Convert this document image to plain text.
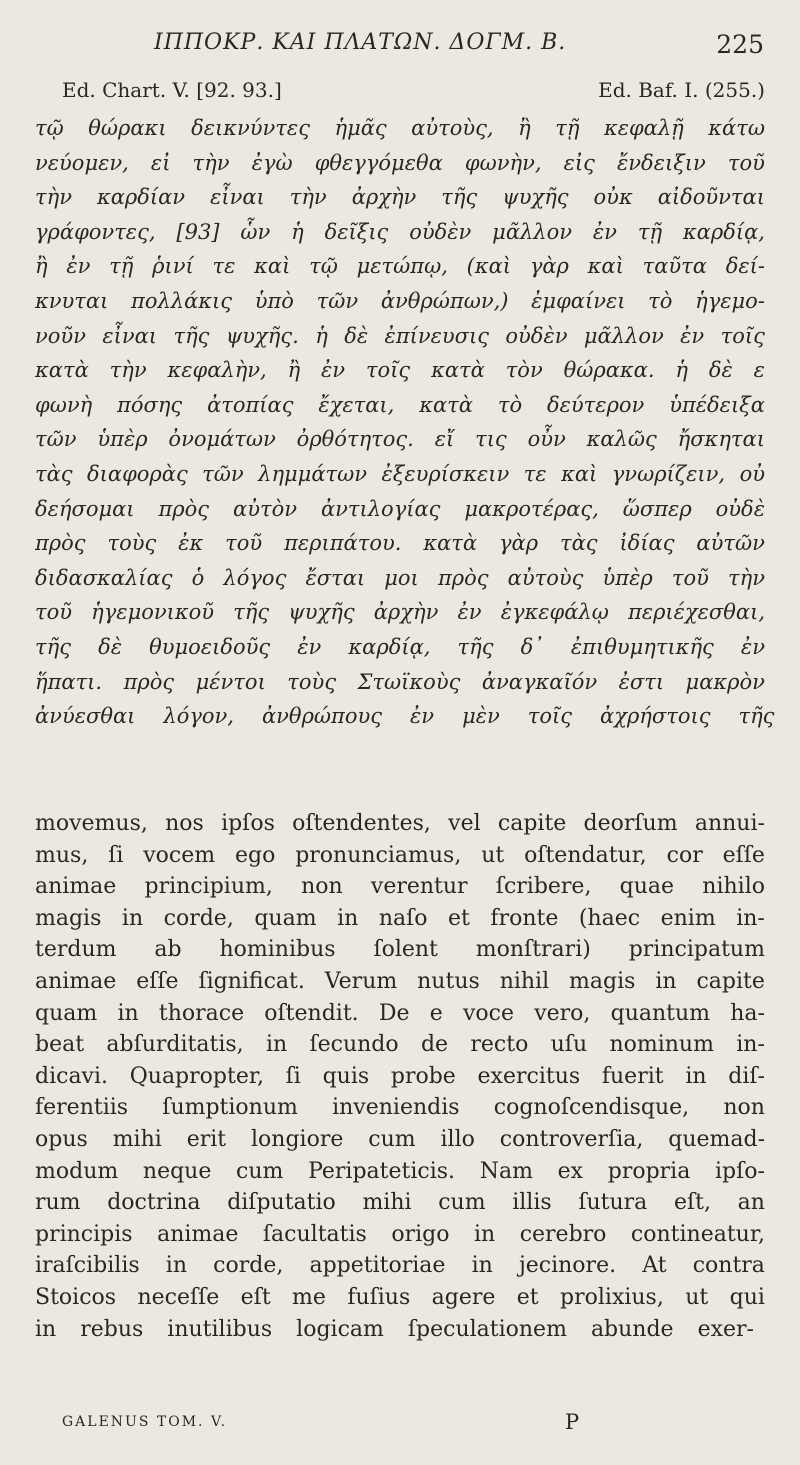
ΙΠΠΟΚΡ. ΚΑΙ ΠΛΑΤΩΝ. ΔΟΓΜ. Β.	225
Ed. Chart. V. [92. 93.]	Ed. Baf. I. (255.)
τῷ θώρακι δεικνύντες ἡμᾶς αὐτοὺς, ἢ τῇ κεφαλῇ κάτω
νεύομεν, εἰ τὴν ἐγὼ φθεγγόμεθα φωνὴν, εἰς ἔνδειξιν τοῦ
τὴν καρδίαν εἶναι τὴν ἀρχὴν τῆς ψυχῆς οὐκ αἰδοῦνται
γράφοντες, [93] ὧν ἡ δεῖξις οὐδὲν μᾶλλον ἐν τῇ καρδίᾳ,
ἢ ἐν τῇ ῥινί τε καὶ τῷ μετώπῳ, (καὶ γὰρ καὶ ταῦτα δεί-
κνυται πολλάκις ὑπὸ τῶν ἀνθρώπων,) ἐμφαίνει τὸ ἡγεμο-
νοῦν εἶναι τῆς ψυχῆς. ἡ δὲ ἐπίνευσις οὐδὲν μᾶλλον ἐν τοῖς
κατὰ τὴν κεφαλὴν, ἢ ἐν τοῖς κατὰ τὸν θώρακα. ἡ δὲ ε
φωνὴ πόσης ἀτοπίας ἔχεται, κατὰ τὸ δεύτερον ὑπέδειξα
τῶν ὑπὲρ ὀνομάτων ὀρθότητος. εἴ τις οὖν καλῶς ἤσκηται
τὰς διαφορὰς τῶν λημμάτων ἐξευρίσκειν τε καὶ γνωρίζειν, οὐ
δεήσομαι πρὸς αὐτὸν ἀντιλογίας μακροτέρας, ὥσπερ οὐδὲ
πρὸς τοὺς ἐκ τοῦ περιπάτου. κατὰ γὰρ τὰς ἰδίας αὐτῶν
διδασκαλίας ὁ λόγος ἔσται μοι πρὸς αὐτοὺς ὑπὲρ τοῦ τὴν
τοῦ ἡγεμονικοῦ τῆς ψυχῆς ἀρχὴν ἐν ἐγκεφάλῳ περιέχεσθαι,
τῆς δὲ θυμοειδοῦς ἐν καρδίᾳ, τῆς δ᾽ ἐπιθυμητικῆς ἐν
ἥπατι. πρὸς μέντοι τοὺς Στωϊκοὺς ἀναγκαῖόν ἐστι μακρὸν
ἀνύεσθαι λόγον, ἀνθρώπους ἐν μὲν τοῖς ἀχρήστοις τῆς
movemus, nos ipſos oſtendentes, vel capite deorſum annui-
mus, ſi vocem ego pronunciamus, ut oſtendatur, cor eſſe
animae principium, non verentur ſcribere, quae nihilo
magis in corde, quam in naſo et fronte (haec enim in-
terdum ab hominibus ſolent monſtrari) principatum
animae eſſe ſignificat. Verum nutus nihil magis in capite
quam in thorace oſtendit. De e voce vero, quantum ha-
beat abſurditatis, in ſecundo de recto uſu nominum in-
dicavi. Quapropter, ſi quis probe exercitus fuerit in diſ-
ferentiis ſumptionum inveniendis cognoſcendisque, non
opus mihi erit longiore cum illo controverſia, quemad-
modum neque cum Peripateticis. Nam ex propria ipſo-
rum doctrina diſputatio mihi cum illis ſutura eſt, an
principis animae ſacultatis origo in cerebro contineatur,
iraſcibilis in corde, appetitoriae in jecinore. At contra
Stoicos neceſſe eſt me fuſius agere et prolixius, ut qui
in rebus inutilibus logicam ſpeculationem abunde exer-
GALENUS TOM. V.	P
